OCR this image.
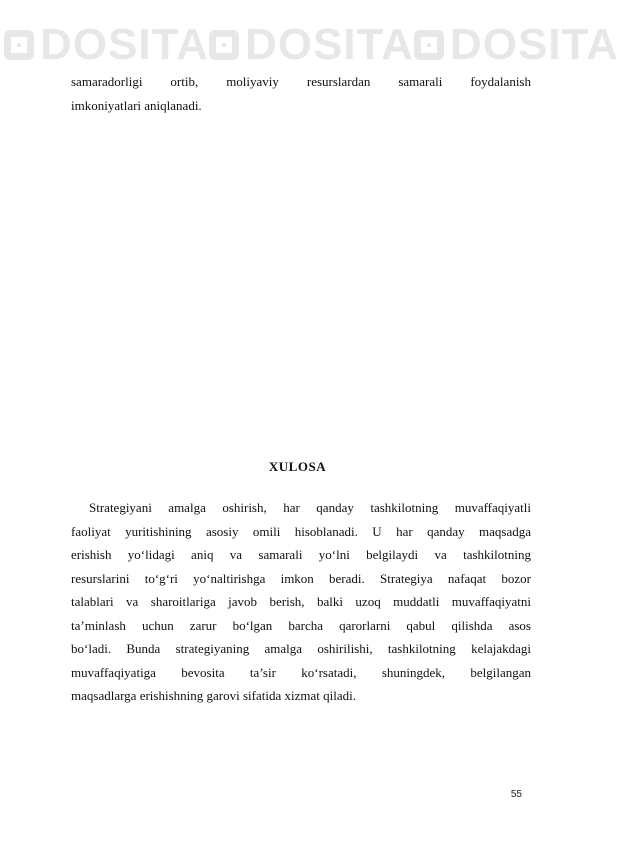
DOSITA DOSITA DOSITA
samaradorligi ortib, moliyaviy resurslardan samarali foydalanish
imkoniyatlari aniqlanadi.
XULOSA
Strategiyani amalga oshirish, har qanday tashkilotning muvaffaqiyatli
faoliyat yuritishining asosiy omili hisoblanadi. U har qanday maqsadga
erishish yo‘lidagi aniq va samarali yo‘lni belgilaydi va tashkilotning
resurslarini to‘g‘ri yo‘naltirishga imkon beradi. Strategiya nafaqat bozor
talablari va sharoitlariga javob berish, balki uzoq muddatli muvaffaqiyatni
ta’minlash uchun zarur bo‘lgan barcha qarorlarni qabul qilishda asos
bo‘ladi. Bunda strategiyaning amalga oshirilishi, tashkilotning kelajakdagi
muvaffaqiyatiga bevosita ta’sir ko‘rsatadi, shuningdek, belgilangan
maqsadlarga erishishning garovi sifatida xizmat qiladi.
55
